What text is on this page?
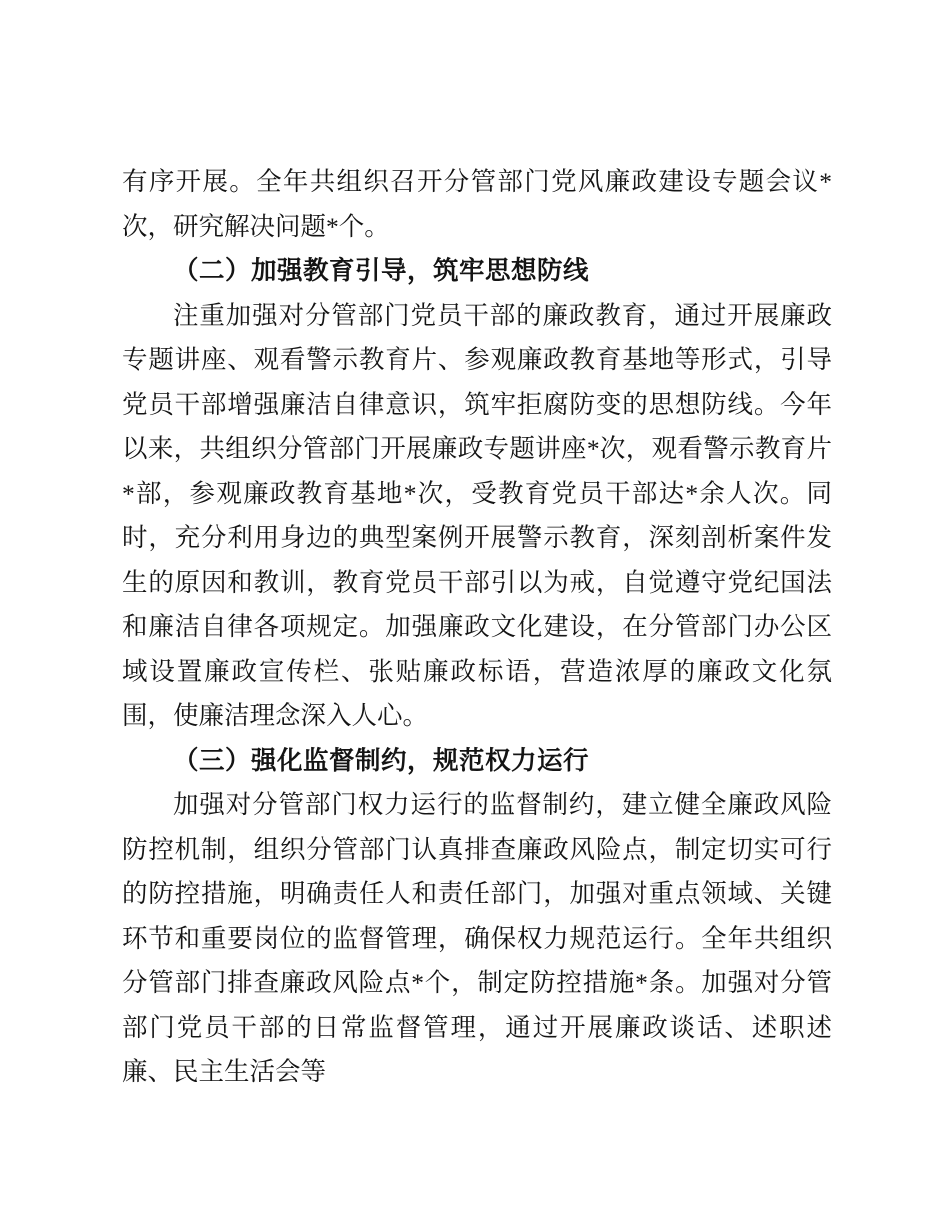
有序开展。全年共组织召开分管部门党风廉政建设专题会议*次，研究解决问题*个。

（二）加强教育引导，筑牢思想防线

注重加强对分管部门党员干部的廉政教育，通过开展廉政专题讲座、观看警示教育片、参观廉政教育基地等形式，引导党员干部增强廉洁自律意识，筑牢拒腐防变的思想防线。今年以来，共组织分管部门开展廉政专题讲座*次，观看警示教育片*部，参观廉政教育基地*次，受教育党员干部达*余人次。同时，充分利用身边的典型案例开展警示教育，深刻剖析案件发生的原因和教训，教育党员干部引以为戒，自觉遵守党纪国法和廉洁自律各项规定。加强廉政文化建设，在分管部门办公区域设置廉政宣传栏、张贴廉政标语，营造浓厚的廉政文化氛围，使廉洁理念深入人心。

（三）强化监督制约，规范权力运行

加强对分管部门权力运行的监督制约，建立健全廉政风险防控机制，组织分管部门认真排查廉政风险点，制定切实可行的防控措施，明确责任人和责任部门，加强对重点领域、关键环节和重要岗位的监督管理，确保权力规范运行。全年共组织分管部门排查廉政风险点*个，制定防控措施*条。加强对分管部门党员干部的日常监督管理，通过开展廉政谈话、述职述廉、民主生活会等
